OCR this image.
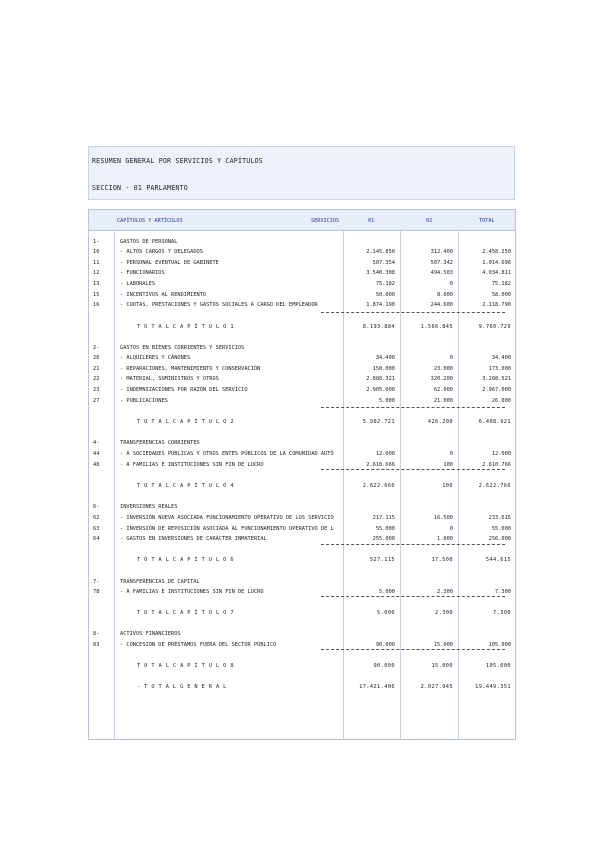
RESUMEN GENERAL POR SERVICIOS Y CAPÍTULOS
SECCION - 01 PARLAMENTO
CAPÍTULOS Y ARTÍCULOS	SERVICIOS	01	02	TOTAL
1-	GASTOS DE PERSONAL
10	- ALTOS CARGOS Y DELEGADOS	2.145.850	312.400	2.458.250
11	- PERSONAL EVENTUAL DE GABINETE	507.354	507.342	1.014.696
12	- FUNCIONARIOS	3.540.308	494.503	4.034.811
13	- LABORALES	75.182	0	75.182
15	- INCENTIVOS AL RENDIMIENTO	50.000	8.000	58.000
16	- CUOTAS, PRESTACIONES Y GASTOS SOCIALES A CARGO DEL EMPLEADOR	1.874.190	244.600	2.118.790
T O T A L C A P Í T U L O 1	8.193.884	1.566.845	9.760.729
2-	GASTOS EN BIENES CORRIENTES Y SERVICIOS
20	- ALQUILERES Y CÁNONES	34.400	0	34.400
21	- REPARACIONES, MANTENIMIENTO Y CONSERVACIÓN	150.000	23.000	173.000
22	- MATERIAL, SUMINISTROS Y OTROS	2.888.321	320.200	3.208.521
23	- INDEMNIZACIONES POR RAZÓN DEL SERVICIO	2.905.000	62.000	2.967.000
27	- PUBLICACIONES	5.000	21.000	26.000
T O T A L C A P Í T U L O 2	5.982.721	426.200	6.408.921
4-	TRANSFERENCIAS CORRIENTES
44	- A SOCIEDADES PÚBLICAS Y OTROS ENTES PÚBLICOS DE LA COMUNIDAD AUTÓ	12.000	0	12.000
48	- A FAMILIAS E INSTITUCIONES SIN FIN DE LUCRO	2.610.666	100	2.610.766
T O T A L C A P Í T U L O 4	2.622.666	100	2.622.766
6-	INVERSIONES REALES
62	- INVERSIÓN NUEVA ASOCIADA FUNCIONAMIENTO OPERATIVO DE LOS SERVICIO	217.115	16.500	233.615
63	- INVERSIÓN DE REPOSICIÓN ASOCIADA AL FUNCIONAMIENTO OPERATIVO DE L	55.000	0	55.000
64	- GASTOS EN INVERSIONES DE CARÁCTER INMATERIAL	255.000	1.000	256.000
T O T A L C A P Í T U L O 6	527.115	17.500	544.615
7-	TRANSFERENCIAS DE CAPITAL
78	- A FAMILIAS E INSTITUCIONES SIN FIN DE LUCRO	5.000	2.300	7.300
T O T A L C A P Í T U L O 7	5.000	2.300	7.300
8-	ACTIVOS FINANCIEROS
83	- CONCESIÓN DE PRÉSTAMOS FUERA DEL SECTOR PÚBLICO	90.000	15.000	105.000
T O T A L C A P Í T U L O 8	90.000	15.000	105.000
- T O T A L G E N E R A L	17.421.406	2.027.945	19.449.351
